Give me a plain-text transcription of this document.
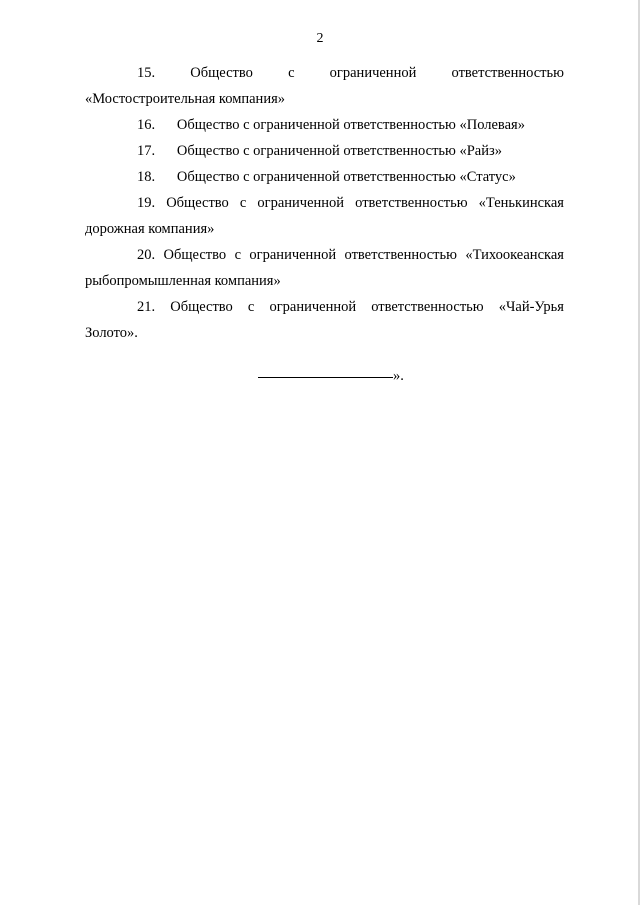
2
15. Общество с ограниченной ответственностью
«Мостостроительная компания»
16. Общество с ограниченной ответственностью «Полевая»
17. Общество с ограниченной ответственностью «Райз»
18. Общество с ограниченной ответственностью «Статус»
19. Общество с ограниченной ответственностью «Тенькинская
дорожная компания»
20. Общество с ограниченной ответственностью «Тихоокеанская
рыбопромышленная компания»
21. Общество с ограниченной ответственностью «Чай-Урья
Золото».
».
